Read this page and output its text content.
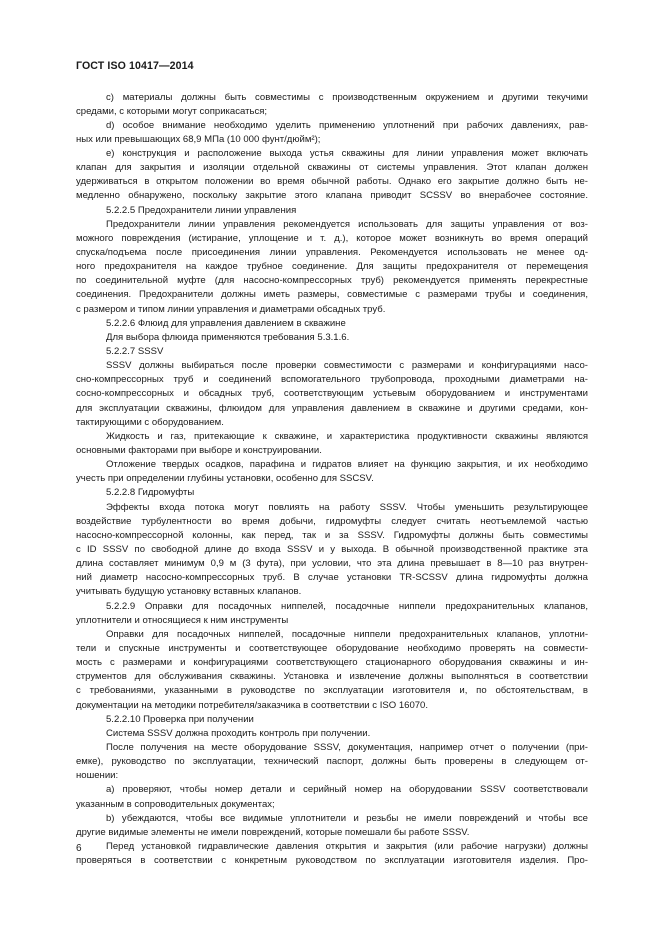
ГОСТ ISO 10417—2014
с) материалы должны быть совместимы с производственным окружением и другими текучими
средами, с которыми могут соприкасаться;
d) особое внимание необходимо уделить применению уплотнений при рабочих давлениях, рав-
ных или превышающих 68,9 МПа (10 000 фунт/дюйм²);
е) конструкция и расположение выхода устья скважины для линии управления может включать
клапан для закрытия и изоляции отдельной скважины от системы управления. Этот клапан должен
удерживаться в открытом положении во время обычной работы. Однако его закрытие должно быть не-
медленно обнаружено, поскольку закрытие этого клапана приводит SCSSV во внерабочее состояние.
5.2.2.5 Предохранители линии управления
Предохранители линии управления рекомендуется использовать для защиты управления от воз-
можного повреждения (истирание, уплощение и т. д.), которое может возникнуть во время операций
спуска/подъема после присоединения линии управления. Рекомендуется использовать не менее од-
ного предохранителя на каждое трубное соединение. Для защиты предохранителя от перемещения
по соединительной муфте (для насосно-компрессорных труб) рекомендуется применять перекрестные
соединения. Предохранители должны иметь размеры, совместимые с размерами трубы и соединения,
с размером и типом линии управления и диаметрами обсадных труб.
5.2.2.6 Флюид для управления давлением в скважине
Для выбора флюида применяются требования 5.3.1.6.
5.2.2.7 SSSV
SSSV должны выбираться после проверки совместимости с размерами и конфигурациями насо-
сно-компрессорных труб и соединений вспомогательного трубопровода, проходными диаметрами на-
сосно-компрессорных и обсадных труб, соответствующим устьевым оборудованием и инструментами
для эксплуатации скважины, флюидом для управления давлением в скважине и другими средами, кон-
тактирующими с оборудованием.
Жидкость и газ, притекающие к скважине, и характеристика продуктивности скважины являются
основными факторами при выборе и конструировании.
Отложение твердых осадков, парафина и гидратов влияет на функцию закрытия, и их необходимо
учесть при определении глубины установки, особенно для SSCSV.
5.2.2.8 Гидромуфты
Эффекты входа потока могут повлиять на работу SSSV. Чтобы уменьшить результирующее
воздействие турбулентности во время добычи, гидромуфты следует считать неотъемлемой частью
насосно-компрессорной колонны, как перед, так и за SSSV. Гидромуфты должны быть совместимы
с ID SSSV по свободной длине до входа SSSV и у выхода. В обычной производственной практике эта
длина составляет минимум 0,9 м (3 фута), при условии, что эта длина превышает в 8—10 раз внутрен-
ний диаметр насосно-компрессорных труб. В случае установки TR-SCSSV длина гидромуфты должна
учитывать будущую установку вставных клапанов.
5.2.2.9 Оправки для посадочных ниппелей, посадочные ниппели предохранительных клапанов,
уплотнители и относящиеся к ним инструменты
Оправки для посадочных ниппелей, посадочные ниппели предохранительных клапанов, уплотни-
тели и спускные инструменты и соответствующее оборудование необходимо проверять на совмести-
мость с размерами и конфигурациями соответствующего стационарного оборудования скважины и ин-
струментов для обслуживания скважины. Установка и извлечение должны выполняться в соответствии
с требованиями, указанными в руководстве по эксплуатации изготовителя и, по обстоятельствам, в
документации на методики потребителя/заказчика в соответствии с ISO 16070.
5.2.2.10 Проверка при получении
Система SSSV должна проходить контроль при получении.
После получения на месте оборудование SSSV, документация, например отчет о получении (при-
емке), руководство по эксплуатации, технический паспорт, должны быть проверены в следующем от-
ношении:
а) проверяют, чтобы номер детали и серийный номер на оборудовании SSSV соответствовали
указанным в сопроводительных документах;
b) убеждаются, чтобы все видимые уплотнители и резьбы не имели повреждений и чтобы все
другие видимые элементы не имели повреждений, которые помешали бы работе SSSV.
Перед установкой гидравлические давления открытия и закрытия (или рабочие нагрузки) должны
проверяться в соответствии с конкретным руководством по эксплуатации изготовителя изделия. Про-
6
